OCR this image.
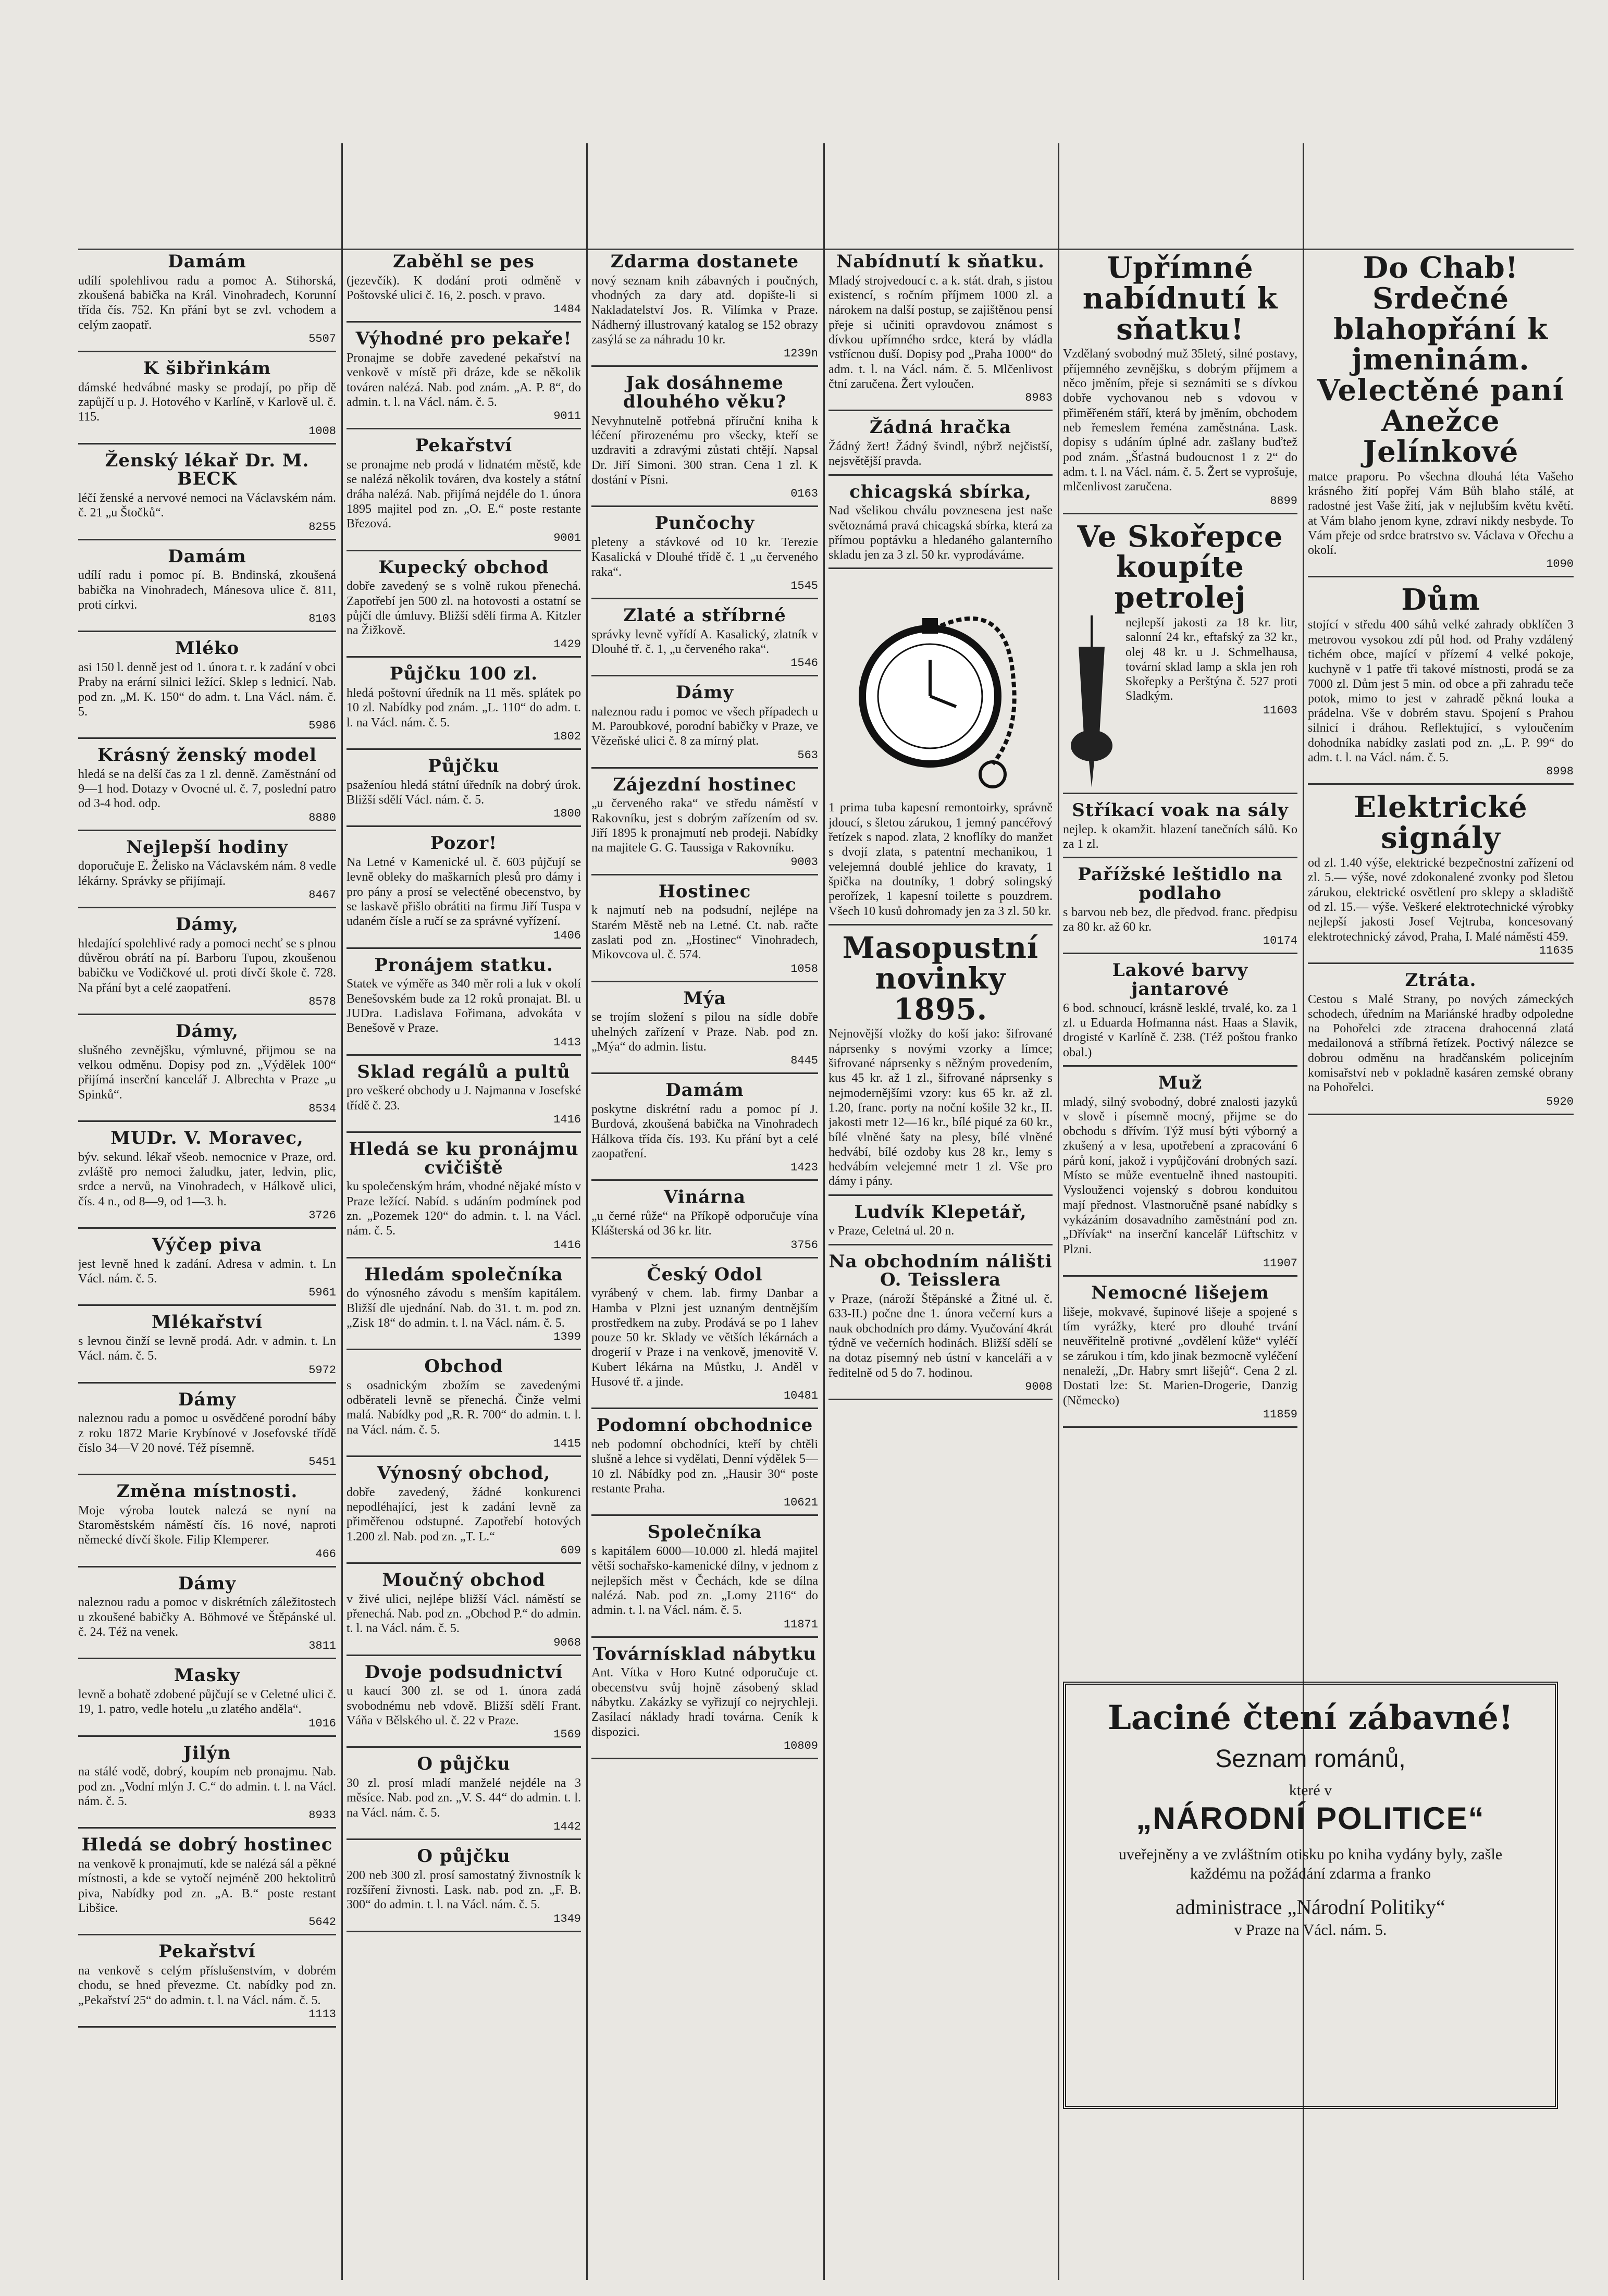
Damám

udílí spolehlivou radu a pomoc A. Stihorská, zkoušená babička na Král. Vinohradech, Korunní třída čís. 752. Kn přání byt se zvl. vchodem a celým zaopatř.

5507
K šibřinkám

dámské hedvábné masky se prodají, po přip dě zapůjčí u p. J. Hotového v Karlíně, v Karlově ul. č. 115.

1008
Ženský lékař Dr. M. BECK

léčí ženské a nervové nemoci na Václavském nám. č. 21 „u Štočků“.

8255
Damám

udílí radu i pomoc pí. B. Bndinská, zkoušená babička na Vinohradech, Mánesova ulice č. 811, proti církvi.

8103
Mléko

asi 150 l. denně jest od 1. února t. r. k zadání v obci Praby na erární silnici ležící. Sklep s lednicí. Nab. pod zn. „M. K. 150“ do adm. t. Lna Václ. nám. č. 5.

5986
Krásný ženský model

hledá se na delší čas za 1 zl. denně. Zaměstnání od 9—1 hod. Dotazy v Ovocné ul. č. 7, poslední patro od 3-4 hod. odp.

8880
Nejlepší hodiny

doporučuje E. Želisko na Václavském nám. 8 vedle lékárny. Správky se přijímají.

8467
Dámy,

hledající spolehlivé rady a pomoci nechť se s plnou důvěrou obrátí na pí. Barboru Tupou, zkoušenou babičku ve Vodičkové ul. proti dívčí škole č. 728. Na přání byt a celé zaopatření.

8578
Dámy,

slušného zevnějšku, výmluvné, přijmou se na velkou odměnu. Dopisy pod zn. „Výdělek 100“ přijímá inserční kancelář J. Albrechta v Praze „u Spinků“.

8534
MUDr. V. Moravec,

býv. sekund. lékař všeob. nemocnice v Praze, ord. zvláště pro nemoci žaludku, jater, ledvin, plic, srdce a nervů, na Vinohradech, v Hálkově ulici, čís. 4 n., od 8—9, od 1—3. h.

3726
Výčep piva

jest levně hned k zadání. Adresa v admin. t. Ln Václ. nám. č. 5.

5961
Mlékařství

s levnou činží se levně prodá. Adr. v admin. t. Ln Václ. nám. č. 5.

5972
Dámy

naleznou radu a pomoc u osvědčené porodní báby z roku 1872 Marie Krybínové v Josefovské třídě číslo 34—V 20 nové. Též písemně.

5451
Změna místnosti.

Moje výroba loutek nalezá se nyní na Staroměstském náměstí čís. 16 nové, naproti německé dívčí škole. Filip Klemperer.

466
Dámy

naleznou radu a pomoc v diskrétních záležitostech u zkoušené babičky A. Böhmové ve Štěpánské ul. č. 24. Též na venek.

3811
Masky

levně a bohatě zdobené půjčují se v Celetné ulici č. 19, 1. patro, vedle hotelu „u zlatého anděla“.

1016
Jilýn

na stálé vodě, dobrý, koupím neb pronajmu. Nab. pod zn. „Vodní mlýn J. C.“ do admin. t. l. na Václ. nám. č. 5.

8933
Hledá se dobrý hostinec

na venkově k pronajmutí, kde se nalézá sál a pěkné místnosti, a kde se vytočí nejméně 200 hektolitrů piva, Nabídky pod zn. „A. B.“ poste restant Libšice.

5642
Pekařství

na venkově s celým příslušenstvím, v dobrém chodu, se hned převezme. Ct. nabídky pod zn. „Pekařství 25“ do admin. t. l. na Václ. nám. č. 5.

1113
Zaběhl se pes

(jezevčík). K dodání proti odměně v Poštovské ulici č. 16, 2. posch. v pravo.

1484
Výhodné pro pekaře!

Pronajme se dobře zavedené pekařství na venkově v místě při dráze, kde se několik továren nalézá. Nab. pod znám. „A. P. 8“, do admin. t. l. na Václ. nám. č. 5.

9011
Pekařství

se pronajme neb prodá v lidnatém městě, kde se nalézá několik továren, dva kostely a státní dráha nalézá. Nab. přijímá nejdéle do 1. února 1895 majitel pod zn. „O. E.“ poste restante Březová.

9001
Kupecký obchod

dobře zavedený se s volně rukou přenechá. Zapotřebí jen 500 zl. na hotovosti a ostatní se půjčí dle úmluvy. Bližší sdělí firma A. Kitzler na Žižkově.

1429
Půjčku 100 zl.

hledá poštovní úředník na 11 měs. splátek po 10 zl. Nabídky pod znám. „L. 110“ do adm. t. l. na Václ. nám. č. 5.

1802
Půjčku

psaženíou hledá státní úředník na dobrý úrok. Bližší sdělí Václ. nám. č. 5.

1800
Pozor!

Na Letné v Kamenické ul. č. 603 půjčují se levně obleky do maškarních plesů pro dámy i pro pány a prosí se velectěné obecenstvo, by se laskavě přišlo obrátiti na firmu Jiří Tuspa v udaném čísle a ručí se za správné vyřízení.

1406
Pronájem statku.

Statek ve výměře as 340 měr roli a luk v okolí Benešovském bude za 12 roků pronajat. Bl. u JUDra. Ladislava Fořimana, advokáta v Benešově v Praze.

1413
Sklad regálů a pultů

pro veškeré obchody u J. Najmanna v Josefské třídě č. 23.

1416
Hledá se ku pronájmu cvičiště

ku společenským hrám, vhodné nějaké místo v Praze ležící. Nabíd. s udáním podmínek pod zn. „Pozemek 120“ do admin. t. l. na Václ. nám. č. 5.

1416
Hledám společníka

do výnosného závodu s menším kapitálem. Bližší dle ujednání. Nab. do 31. t. m. pod zn. „Zisk 18“ do admin. t. l. na Václ. nám. č. 5.

1399
Obchod

s osadnickým zbožím se zavedenými odběrateli levně se přenechá. Činže velmi malá. Nabídky pod „R. R. 700“ do admin. t. l. na Václ. nám. č. 5.

1415
Výnosný obchod,

dobře zavedený, žádné konkurenci nepodléhající, jest k zadání levně za přiměřenou odstupné. Zapotřebí hotových 1.200 zl. Nab. pod zn. „T. L.“

609
Moučný obchod

v živé ulici, nejlépe bližší Václ. náměstí se přenechá. Nab. pod zn. „Obchod P.“ do admin. t. l. na Václ. nám. č. 5.

9068
Dvoje podsudnictví

u kaucí 300 zl. se od 1. února zadá svobodnému neb vdově. Bližší sdělí Frant. Váňa v Bělského ul. č. 22 v Praze.

1569
O půjčku

30 zl. prosí mladí manželé nejdéle na 3 měsíce. Nab. pod zn. „V. S. 44“ do admin. t. l. na Václ. nám. č. 5.

1442
O půjčku

200 neb 300 zl. prosí samostatný živnostník k rozšíření živnosti. Lask. nab. pod zn. „F. B. 300“ do admin. t. l. na Václ. nám. č. 5.

1349
Zdarma dostanete

nový seznam knih zábavných i poučných, vhodných za dary atd. dopište-li si Nakladatelství Jos. R. Vilímka v Praze. Nádherný illustrovaný katalog se 152 obrazy zasýlá se za náhradu 10 kr.

1239n
Jak dosáhneme dlouhého věku?

Nevyhnutelně potřebná příruční kniha k léčení přirozenému pro všecky, kteří se uzdraviti a zdravými zůstati chtějí. Napsal Dr. Jiří Simoni. 300 stran. Cena 1 zl. K dostání v Písni.

0163
Punčochy

pleteny a stávkové od 10 kr. Terezie Kasalická v Dlouhé třídě č. 1 „u červeného raka“.

1545
Zlaté a stříbrné

správky levně vyřídí A. Kasalický, zlatník v Dlouhé tř. č. 1, „u červeného raka“.

1546
Dámy

naleznou radu i pomoc ve všech případech u M. Paroubkové, porodní babičky v Praze, ve Vězeňské ulici č. 8 za mírný plat.

563
Zájezdní hostinec

„u červeného raka“ ve středu náměstí v Rakovníku, jest s dobrým zařízením od sv. Jiří 1895 k pronajmutí neb prodeji. Nabídky na majitele G. G. Taussiga v Rakovníku.

9003
Hostinec

k najmutí neb na podsudní, nejlépe na Starém Městě neb na Letné. Ct. nab. račte zaslati pod zn. „Hostinec“ Vinohradech, Mikovcova ul. č. 574.

1058
Mýa

se trojím složení s pilou na sídle dobře uhelných zařízení v Praze. Nab. pod zn. „Mýa“ do admin. listu.

8445
Damám

poskytne diskrétní radu a pomoc pí J. Burdová, zkoušená babička na Vinohradech Hálkova třída čís. 193. Ku přání byt a celé zaopatření.

1423
Vinárna

„u černé růže“ na Příkopě odporučuje vína Klášterská od 36 kr. litr.

3756
Český Odol

vyrábený v chem. lab. firmy Danbar a Hamba v Plzni jest uznaným dentnějším prostředkem na zuby. Prodává se po 1 lahev pouze 50 kr. Sklady ve větších lékárnách a drogerií v Praze i na venkově, jmenovitě V. Kubert lékárna na Můstku, J. Anděl v Husové tř. a jinde.

10481
Podomní obchodnice

neb podomní obchodníci, kteří by chtěli slušně a lehce si vydělati, Denní výdělek 5—10 zl. Nábídky pod zn. „Hausir 30“ poste restante Praha.

10621
Společníka

s kapitálem 6000—10.000 zl. hledá majitel větší sochařsko-kamenické dílny, v jednom z nejlepších měst v Čechách, kde se dílna nalézá. Nab. pod zn. „Lomy 2116“ do admin. t. l. na Václ. nám. č. 5.

11871
Továrnísklad nábytku

Ant. Vítka v Horo Kutné odporučuje ct. obecenstvu svůj hojně zásobený sklad nábytku. Zakázky se vyřizují co nejrychleji. Zasílací náklady hradí továrna. Ceník k dispozici.

10809
Nabídnutí k sňatku.

Mladý strojvedoucí c. a k. stát. drah, s jistou existencí, s ročním příjmem 1000 zl. a nárokem na další postup, se zajištěnou pensí přeje si učiniti opravdovou známost s dívkou upřímného srdce, která by vládla vstřícnou duší. Dopisy pod „Praha 1000“ do adm. t. l. na Václ. nám. č. 5. Mlčenlivost čtní zaručena. Žert vyloučen.

8983
Žádná hračka

Žádný žert! Žádný švindl, nýbrž nejčistší, nejsvětější pravda.

chicagská sbírka,

Nad všelikou chválu povznesena jest naše světoznámá pravá chicagská sbírka, která za přímou poptávku a hledaného galanterního skladu jen za 3 zl. 50 kr. vyprodáváme.

1 prima tuba kapesní remontoirky, správně jdoucí, s šletou zárukou, 1 jemný pancéřový řetízek s napod. zlata, 2 knoflíky do manžet s dvojí zlata, s patentní mechanikou, 1 velejemná doublé jehlice do kravaty, 1 špička na doutníky, 1 dobrý solingský perořízek, 1 kapesní toilette s pouzdrem. Všech 10 kusů dohromady jen za 3 zl. 50 kr.

Masopustní novinky 1895.

Nejnovější vložky do koší jako: šifrované náprsenky s novými vzorky a límce; šifrované náprsenky s něžným provedením, kus 45 kr. až 1 zl., šifrované náprsenky s nejmodernějšími vzory: kus 65 kr. až zl. 1.20, franc. porty na noční košile 32 kr., II. jakosti metr 12—16 kr., bílé piqué za 60 kr., bílé vlněné šaty na plesy, bílé vlněné hedvábí, bílé ozdoby kus 28 kr., lemy s hedvábím velejemné metr 1 zl. Vše pro dámy i pány.

Ludvík Klepetář,

v Praze, Celetná ul. 20 n.

Na obchodním nálišti O. Teisslera

v Praze, (nároží Štěpánské a Žitné ul. č. 633-II.) počne dne 1. února večerní kurs a nauk obchodních pro dámy. Vyučování 4krát týdně ve večerních hodinách. Bližší sdělí se na dotaz písemný neb ústní v kanceláři a v ředitelně od 5 do 7. hodinou.

9008
Upřímné nabídnutí k sňatku!

Vzdělaný svobodný muž 35letý, silné postavy, příjemného zevnějšku, s dobrým příjmem a něco jměním, přeje si seznámiti se s dívkou dobře vychovanou neb s vdovou v přiměřeném stáří, která by jměním, obchodem neb řemeslem řeména zaměstnána. Lask. dopisy s udáním úplné adr. zašlany buďtež pod znám. „Šťastná budoucnost 1 z 2“ do adm. t. l. na Václ. nám. č. 5. Žert se vyprošuje, mlčenlivost zaručena.

8899
Ve Skořepce koupíte petrolej

nejlepší jakosti za 18 kr. litr, salonní 24 kr., eftafský za 32 kr., olej 48 kr. u J. Schmelhausa, tovární sklad lamp a skla jen roh Skořepky a Perštýna č. 527 proti Sladkým.

11603
Stříkací voak na sály

nejlep. k okamžit. hlazení tanečních sálů. Ko za 1 zl.

Pařížské leštidlo na podlaho

s barvou neb bez, dle předvod. franc. předpisu za 80 kr. až 60 kr.

10174
Lakové barvy jantarové

6 bod. schnoucí, krásně lesklé, trvalé, ko. za 1 zl. u Eduarda Hofmanna nást. Haas a Slavik, drogisté v Karlíně č. 238. (Též poštou franko obal.)

Muž

mladý, silný svobodný, dobré znalosti jazyků v slově i písemně mocný, přijme se do obchodu s dřívím. Týž musí býti výborný a zkušený a v lesa, upotřebení a zpracování 6 párů koní, jakož i vypůjčování drobných sazí. Místo se může eventuelně ihned nastoupiti. Vyslouženci vojenský s dobrou konduitou mají přednost. Vlastnoručně psané nabídky s vykázáním dosavadního zaměstnání pod zn. „Dřívíak“ na inserční kancelář Lüftschitz v Plzni.

11907
Nemocné lišejem

lišeje, mokvavé, šupinové lišeje a spojené s tím vyrážky, které pro dlouhé trvání neuvěřitelně protivné „ovdělení kůže“ vyléčí se zárukou i tím, kdo jinak bezmocně vyléčení nenaleží, „Dr. Habry smrt lišejů“. Cena 2 zl. Dostati lze: St. Marien-Drogerie, Danzig (Německo)

11859
Do Chab! Srdečné blahopřání k jmeninám. Velectěné paní Anežce Jelínkové

matce praporu. Po všechna dlouhá léta Vašeho krásného žití popřej Vám Bůh blaho stálé, at radostné jest Vaše žití, jak v nejlubším květu květí. at Vám blaho jenom kyne, zdraví nikdy nesbyde. To Vám přeje od srdce bratrstvo sv. Václava v Ořechu a okolí.

1090
Dům

stojící v středu 400 sáhů velké zahrady obklíčen 3 metrovou vysokou zdí půl hod. od Prahy vzdálený tichém obce, mající v přízemí 4 velké pokoje, kuchyně v 1 patře tři takové místnosti, prodá se za 7000 zl. Dům jest 5 min. od obce a při zahradu teče potok, mimo to jest v zahradě pěkná louka a prádelna. Vše v dobrém stavu. Spojení s Prahou silnicí i dráhou. Reflektující, s vyloučením dohodníka nabídky zaslati pod zn. „L. P. 99“ do adm. t. l. na Václ. nám. č. 5.

8998
Elektrické signály

od zl. 1.40 výše, elektrické bezpečnostní zařízení od zl. 5.— výše, nové zdokonalené zvonky pod šletou zárukou, elektrické osvětlení pro sklepy a skladiště od zl. 15.— výše. Veškeré elektrotechnické výrobky nejlepší jakosti Josef Vejtruba, koncesovaný elektrotechnický závod, Praha, I. Malé náměstí 459.

11635
Ztráta.

Cestou s Malé Strany, po nových zámeckých schodech, úředním na Mariánské hradby odpoledne na Pohořelci zde ztracena drahocenná zlatá medailonová a stříbrná řetízek. Poctivý nálezce se dobrou odměnu na hradčanském policejním komisařství neb v pokladně kasáren zemské obrany na Pohořelci.

5920
Laciné čtení zábavné!
Seznam románů,
které v
„NÁRODNÍ POLITICE“
uveřejněny a ve zvláštním otisku po kniha vydány byly, zašle každému na požádání zdarma a franko
administrace „Národní Politiky“
v Praze na Václ. nám. 5.
